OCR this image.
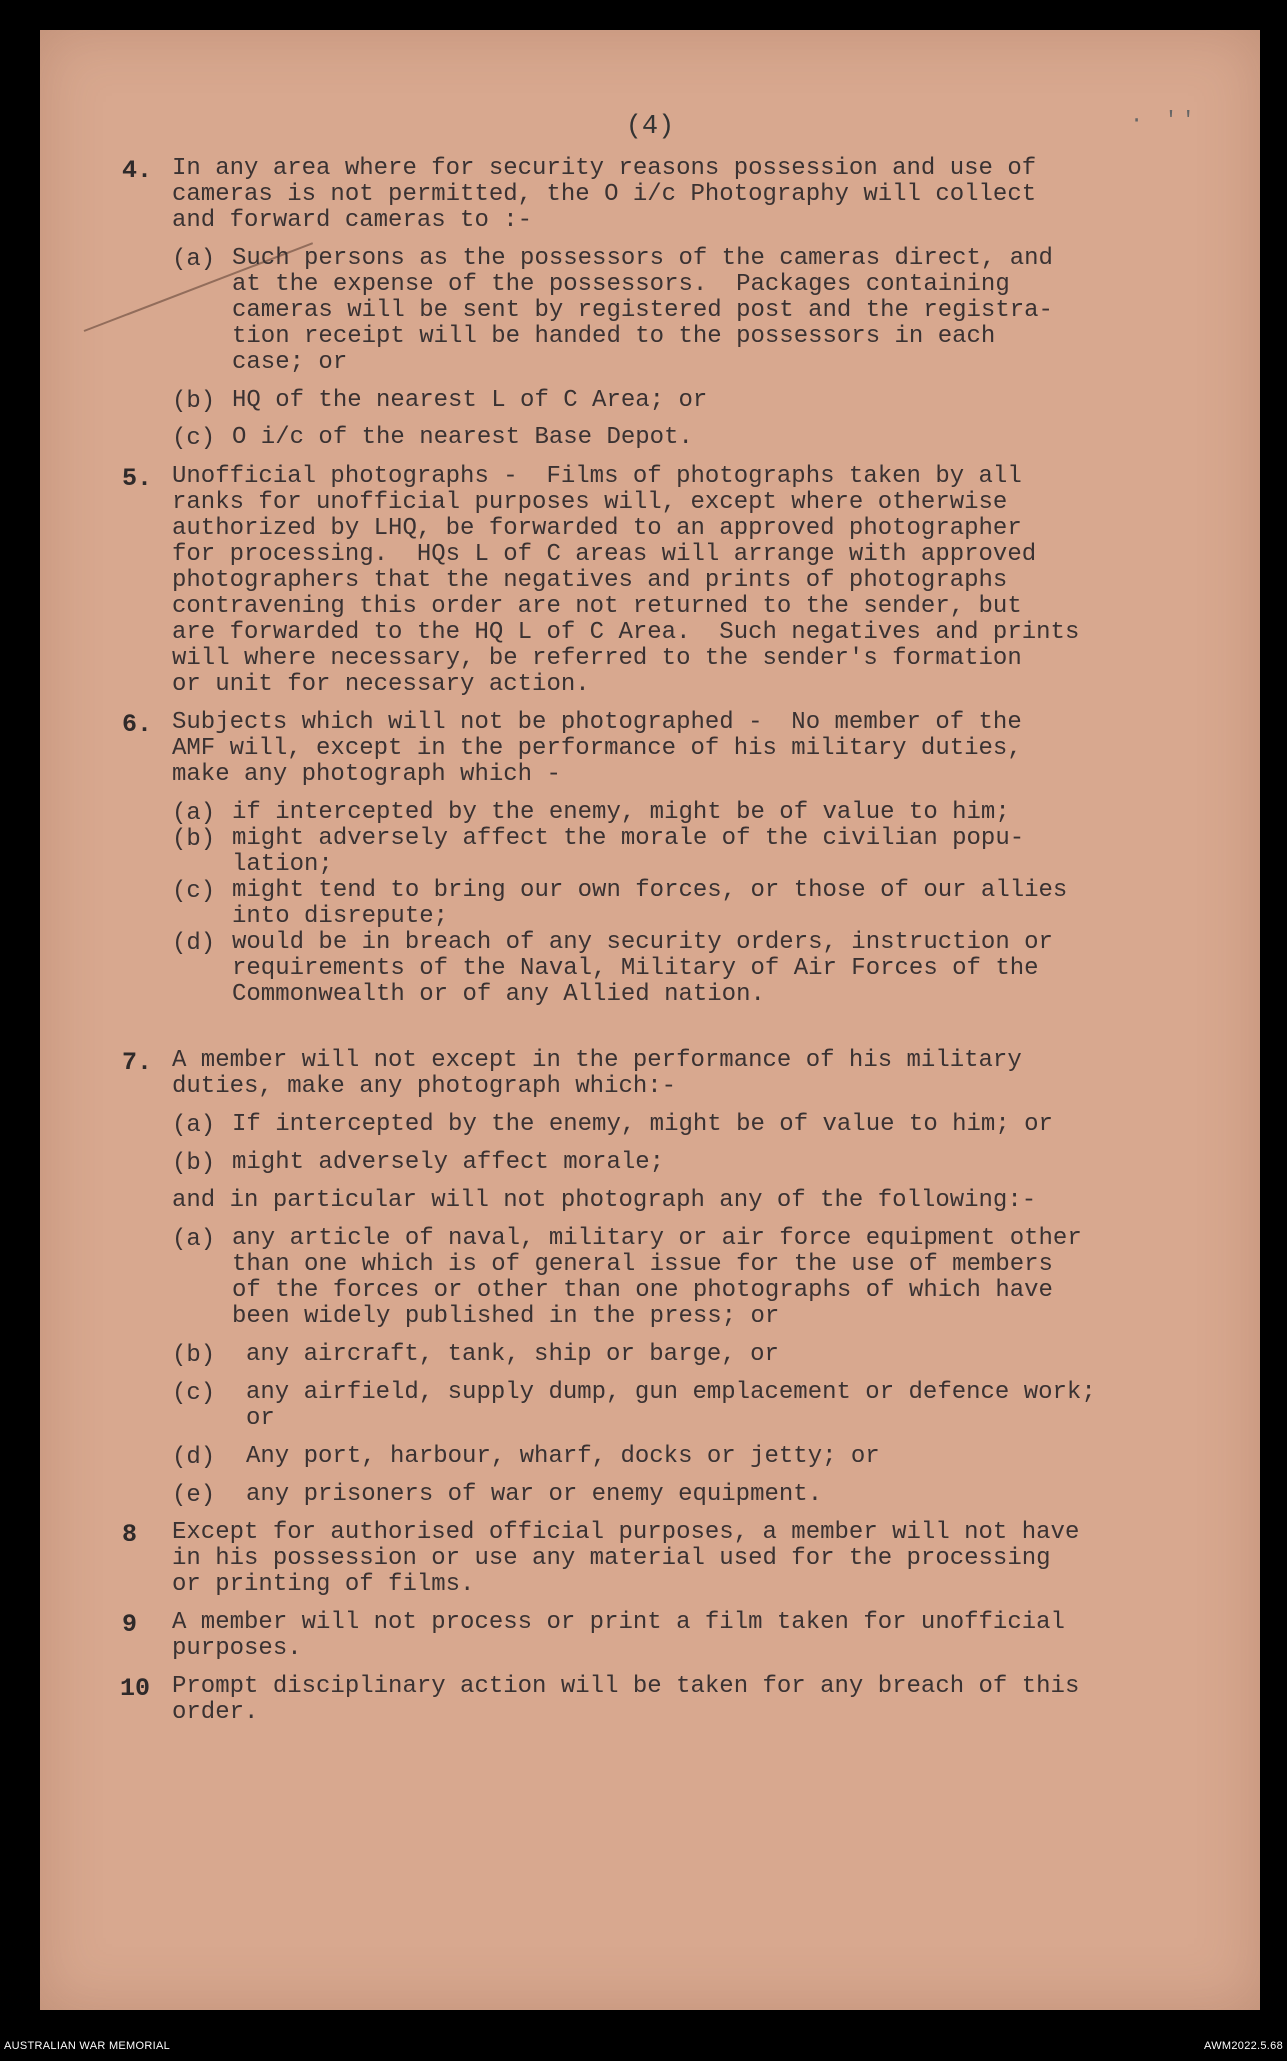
(4)	· ''
4. In any area where for security reasons possession and use of
cameras is not permitted, the O i/c Photography will collect
and forward cameras to :-
(a) Such persons as the possessors of the cameras direct, and
at the expense of the possessors.  Packages containing
cameras will be sent by registered post and the registra-
tion receipt will be handed to the possessors in each
case; or
(b) HQ of the nearest L of C Area; or
(c) O i/c of the nearest Base Depot.
5. Unofficial photographs -  Films of photographs taken by all
ranks for unofficial purposes will, except where otherwise
authorized by LHQ, be forwarded to an approved photographer
for processing.  HQs L of C areas will arrange with approved
photographers that the negatives and prints of photographs
contravening this order are not returned to the sender, but
are forwarded to the HQ L of C Area.  Such negatives and prints
will where necessary, be referred to the sender's formation
or unit for necessary action.
6. Subjects which will not be photographed -  No member of the
AMF will, except in the performance of his military duties,
make any photograph which -
(a) if intercepted by the enemy, might be of value to him;
(b) might adversely affect the morale of the civilian popu-
lation;
(c) might tend to bring our own forces, or those of our allies
into disrepute;
(d) would be in breach of any security orders, instruction or
requirements of the Naval, Military of Air Forces of the
Commonwealth or of any Allied nation.
7. A member will not except in the performance of his military
duties, make any photograph which:-
(a) If intercepted by the enemy, might be of value to him; or
(b) might adversely affect morale;
and in particular will not photograph any of the following:-
(a) any article of naval, military or air force equipment other
than one which is of general issue for the use of members
of the forces or other than one photographs of which have
been widely published in the press; or
(b) any aircraft, tank, ship or barge, or
(c) any airfield, supply dump, gun emplacement or defence work;
or
(d) Any port, harbour, wharf, docks or jetty; or
(e) any prisoners of war or enemy equipment.
8 Except for authorised official purposes, a member will not have
in his possession or use any material used for the processing
or printing of films.
9 A member will not process or print a film taken for unofficial
purposes.
10 Prompt disciplinary action will be taken for any breach of this
order.
AUSTRALIAN WAR MEMORIAL	AWM2022.5.68
